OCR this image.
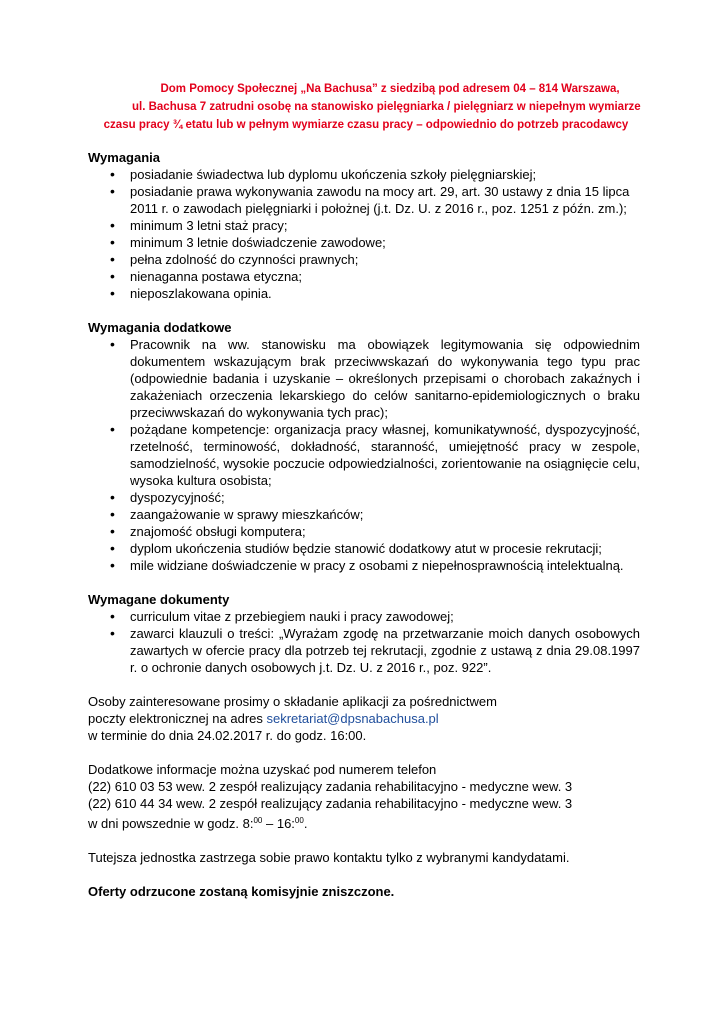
Dom Pomocy Społecznej „Na Bachusa” z siedzibą pod adresem 04 – 814 Warszawa,
ul. Bachusa 7 zatrudni osobę na stanowisko pielęgniarka / pielęgniarz w niepełnym wymiarze
czasu pracy ¾ etatu lub w pełnym wymiarze czasu pracy – odpowiednio do potrzeb pracodawcy
Wymagania
• posiadanie świadectwa lub dyplomu ukończenia szkoły pielęgniarskiej;
• posiadanie prawa wykonywania zawodu na mocy art. 29, art. 30 ustawy z dnia 15 lipca 2011 r. o zawodach pielęgniarki i położnej (j.t. Dz. U. z 2016 r., poz. 1251 z późn. zm.);
• minimum 3 letni staż pracy;
• minimum 3 letnie doświadczenie zawodowe;
• pełna zdolność do czynności prawnych;
• nienaganna postawa etyczna;
• nieposzlakowana opinia.
Wymagania dodatkowe
• Pracownik na ww. stanowisku ma obowiązek legitymowania się odpowiednim dokumentem wskazującym brak przeciwwskazań do wykonywania tego typu prac (odpowiednie badania i uzyskanie – określonych przepisami o chorobach zakaźnych i zakażeniach orzeczenia lekarskiego do celów sanitarno-epidemiologicznych o braku przeciwwskazań do wykonywania tych prac);
• pożądane kompetencje: organizacja pracy własnej, komunikatywność, dyspozycyjność, rzetelność, terminowość, dokładność, staranność, umiejętność pracy w zespole, samodzielność, wysokie poczucie odpowiedzialności, zorientowanie na osiągnięcie celu, wysoka kultura osobista;
• dyspozycyjność;
• zaangażowanie w sprawy mieszkańców;
• znajomość obsługi komputera;
• dyplom ukończenia studiów będzie stanowić dodatkowy atut w procesie rekrutacji;
• mile widziane doświadczenie w pracy z osobami z niepełnosprawnością intelektualną.
Wymagane dokumenty
• curriculum vitae z przebiegiem nauki i pracy zawodowej;
• zawarci klauzuli o treści: „Wyrażam zgodę na przetwarzanie moich danych osobowych zawartych w ofercie pracy dla potrzeb tej rekrutacji, zgodnie z ustawą z dnia 29.08.1997 r. o ochronie danych osobowych j.t. Dz. U. z 2016 r., poz. 922”.
Osoby zainteresowane prosimy o składanie aplikacji za pośrednictwem
poczty elektronicznej na adres sekretariat@dpsnabachusa.pl
w terminie do dnia 24.02.2017 r. do godz. 16:00.
Dodatkowe informacje można uzyskać pod numerem telefon
(22) 610 03 53 wew. 2 zespół realizujący zadania rehabilitacyjno - medyczne wew. 3
(22) 610 44 34 wew. 2 zespół realizujący zadania rehabilitacyjno - medyczne wew. 3
w dni powszednie w godz. 8:$^{00}$ – 16:$^{00}$.
Tutejsza jednostka zastrzega sobie prawo kontaktu tylko z wybranymi kandydatami.
Oferty odrzucone zostaną komisyjnie zniszczone.
